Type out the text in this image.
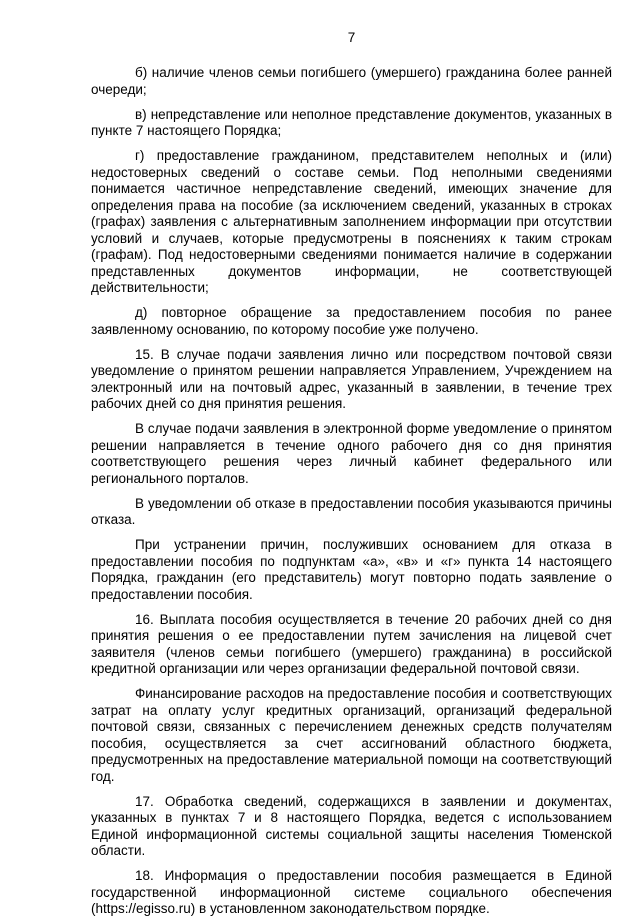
7

б) наличие членов семьи погибшего (умершего) гражданина более ранней очереди;

в) непредставление или неполное представление документов, указанных в пункте 7 настоящего Порядка;

г) предоставление гражданином, представителем неполных и (или) недостоверных сведений о составе семьи. Под неполными сведениями понимается частичное непредставление сведений, имеющих значение для определения права на пособие (за исключением сведений, указанных в строках (графах) заявления с альтернативным заполнением информации при отсутствии условий и случаев, которые предусмотрены в пояснениях к таким строкам (графам). Под недостоверными сведениями понимается наличие в содержании представленных документов информации, не соответствующей действительности;

д) повторное обращение за предоставлением пособия по ранее заявленному основанию, по которому пособие уже получено.

15. В случае подачи заявления лично или посредством почтовой связи уведомление о принятом решении направляется Управлением, Учреждением на электронный или на почтовый адрес, указанный в заявлении, в течение трех рабочих дней со дня принятия решения.

В случае подачи заявления в электронной форме уведомление о принятом решении направляется в течение одного рабочего дня со дня принятия соответствующего решения через личный кабинет федерального или регионального порталов.

В уведомлении об отказе в предоставлении пособия указываются причины отказа.

При устранении причин, послуживших основанием для отказа в предоставлении пособия по подпунктам «а», «в» и «г» пункта 14 настоящего Порядка, гражданин (его представитель) могут повторно подать заявление о предоставлении пособия.

16. Выплата пособия осуществляется в течение 20 рабочих дней со дня принятия решения о ее предоставлении путем зачисления на лицевой счет заявителя (членов семьи погибшего (умершего) гражданина) в российской кредитной организации или через организации федеральной почтовой связи.

Финансирование расходов на предоставление пособия и соответствующих затрат на оплату услуг кредитных организаций, организаций федеральной почтовой связи, связанных с перечислением денежных средств получателям пособия, осуществляется за счет ассигнований областного бюджета, предусмотренных на предоставление материальной помощи на соответствующий год.

17. Обработка сведений, содержащихся в заявлении и документах, указанных в пунктах 7 и 8 настоящего Порядка, ведется с использованием Единой информационной системы социальной защиты населения Тюменской области.

18. Информация о предоставлении пособия размещается в Единой государственной информационной системе социального обеспечения (https://egisso.ru) в установленном законодательством порядке.
